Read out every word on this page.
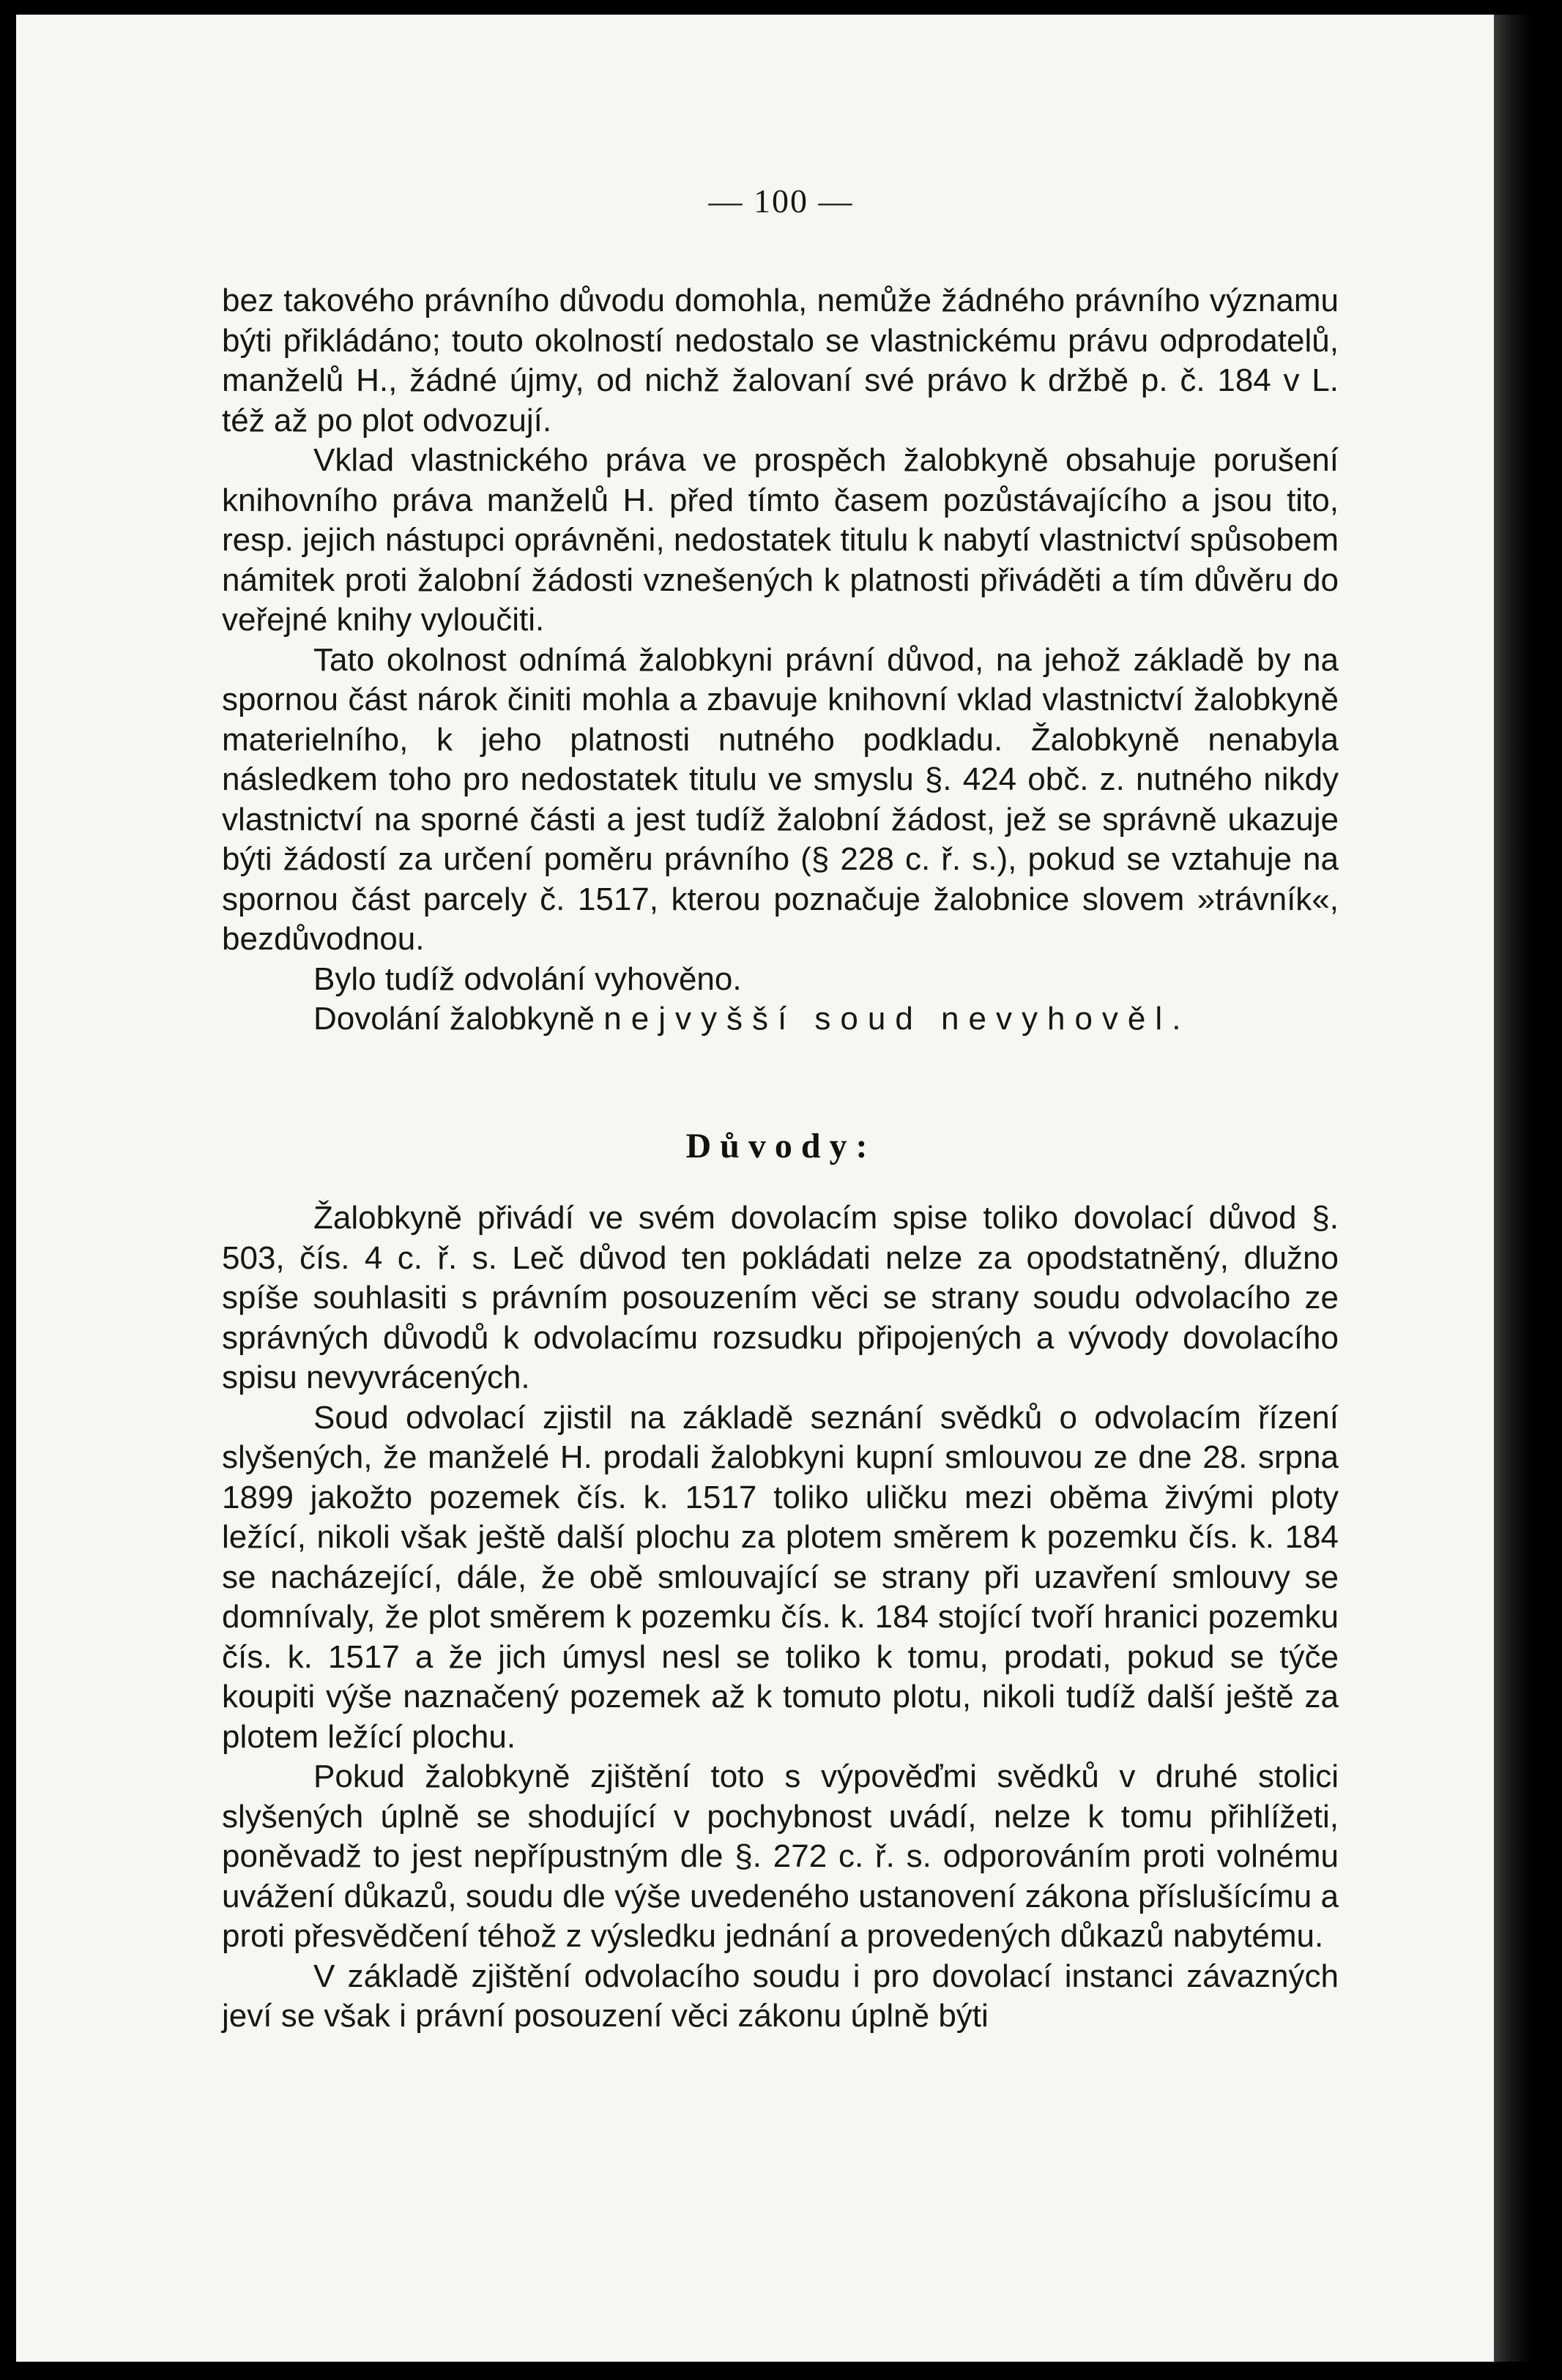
— 100 —

bez takového právního důvodu domohla, nemůže žádného právního významu býti přikládáno; touto okolností nedostalo se vlastnickému právu odprodatelů, manželů H., žádné újmy, od nichž žalovaní své právo k držbě p. č. 184 v L. též až po plot odvozují.

Vklad vlastnického práva ve prospěch žalobkyně obsahuje porušení knihovního práva manželů H. před tímto časem pozůstávajícího a jsou tito, resp. jejich nástupci oprávněni, nedostatek titulu k nabytí vlastnictví spůsobem námitek proti žalobní žádosti vznešených k platnosti přiváděti a tím důvěru do veřejné knihy vyloučiti.

Tato okolnost odnímá žalobkyni právní důvod, na jehož základě by na spornou část nárok činiti mohla a zbavuje knihovní vklad vlastnictví žalobkyně materielního, k jeho platnosti nutného podkladu. Žalobkyně nenabyla následkem toho pro nedostatek titulu ve smyslu §. 424 obč. z. nutného nikdy vlastnictví na sporné části a jest tudíž žalobní žádost, jež se správně ukazuje býti žádostí za určení poměru právního (§ 228 c. ř. s.), pokud se vztahuje na spornou část parcely č. 1517, kterou poznačuje žalobnice slovem »trávník«, bezdůvodnou.

Bylo tudíž odvolání vyhověno.

Dovolání žalobkyně nejvyšší soud nevyhověl.

Důvody:

Žalobkyně přivádí ve svém dovolacím spise toliko dovolací důvod §. 503, čís. 4 c. ř. s. Leč důvod ten pokládati nelze za opodstatněný, dlužno spíše souhlasiti s právním posouzením věci se strany soudu odvolacího ze správných důvodů k odvolacímu rozsudku připojených a vývody dovolacího spisu nevyvrácených.

Soud odvolací zjistil na základě seznání svědků o odvolacím řízení slyšených, že manželé H. prodali žalobkyni kupní smlouvou ze dne 28. srpna 1899 jakožto pozemek čís. k. 1517 toliko uličku mezi oběma živými ploty ležící, nikoli však ještě další plochu za plotem směrem k pozemku čís. k. 184 se nacházející, dále, že obě smlouvající se strany při uzavření smlouvy se domnívaly, že plot směrem k pozemku čís. k. 184 stojící tvoří hranici pozemku čís. k. 1517 a že jich úmysl nesl se toliko k tomu, prodati, pokud se týče koupiti výše naznačený pozemek až k tomuto plotu, nikoli tudíž další ještě za plotem ležící plochu.

Pokud žalobkyně zjištění toto s výpověďmi svědků v druhé stolici slyšených úplně se shodující v pochybnost uvádí, nelze k tomu přihlížeti, poněvadž to jest nepřípustným dle §. 272 c. ř. s. odporováním proti volnému uvážení důkazů, soudu dle výše uvedeného ustanovení zákona příslušícímu a proti přesvědčení téhož z výsledku jednání a provedených důkazů nabytému.

V základě zjištění odvolacího soudu i pro dovolací instanci závazných jeví se však i právní posouzení věci zákonu úplně býti
